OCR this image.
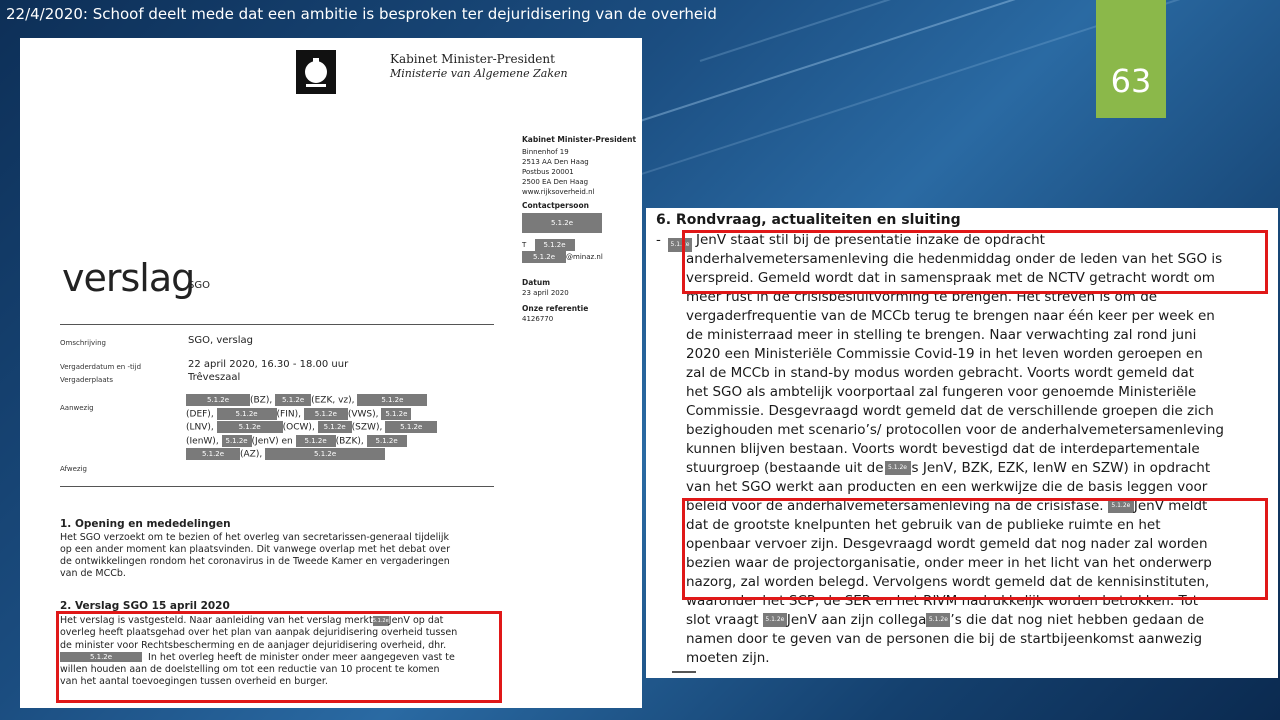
22/4/2020: Schoof deelt mede dat een ambitie is besproken ter dejuridisering van de overheid
63
Kabinet Minister-President
Ministerie van Algemene Zaken
Kabinet Minister-President
Binnenhof 19
2513 AA Den Haag
Postbus 20001
2500 EA Den Haag
www.rijksoverheid.nl
Contactpersoon
5.1.2e
T 5.1.2e
5.1.2e @minaz.nl
Datum
23 april 2020
Onze referentie
4126770
verslag
SGO
Omschrijving	SGO, verslag
Vergaderdatum en -tijd	22 april 2020, 16.30 - 18.00 uur
Vergaderplaats	Trêveszaal
Aanwezig
5.1.2e (BZ), 5.1.2e (EZK, vz),	5.1.2e
(DEF),	5.1.2e (FIN), 5.1.2e (VWS), 5.1.2e
(LNV),	5.1.2e (OCW), 5.1.2e (SZW), 5.1.2e
(IenW), 5.1.2e (JenV) en 5.1.2e (BZK), 5.1.2e
5.1.2e (AZ),	5.1.2e
Afwezig
1. Opening en mededelingen
Het SGO verzoekt om te bezien of het overleg van secretarissen-generaal tijdelijk
op een ander moment kan plaatsvinden. Dit vanwege overlap met het debat over
de ontwikkelingen rondom het coronavirus in de Tweede Kamer en vergaderingen
van de MCCb.
2. Verslag SGO 15 april 2020
Het verslag is vastgesteld. Naar aanleiding van het verslag merkt5.1.2eJenV op dat
overleg heeft plaatsgehad over het plan van aanpak dejuridisering overheid tussen
de minister voor Rechtsbescherming en de aanjager dejuridisering overheid, dhr.
5.1.2e	In het overleg heeft de minister onder meer aangegeven vast te
willen houden aan de doelstelling om tot een reductie van 10 procent te komen
van het aantal toevoegingen tussen overheid en burger.
6. Rondvraag, actualiteiten en sluiting
-	5.1.2e JenV staat stil bij de presentatie inzake de opdracht
anderhalvemetersamenleving die hedenmiddag onder de leden van het SGO is
verspreid. Gemeld wordt dat in samenspraak met de NCTV getracht wordt om
meer rust in de crisisbesluitvorming te brengen. Het streven is om de
vergaderfrequentie van de MCCb terug te brengen naar één keer per week en
de ministerraad meer in stelling te brengen. Naar verwachting zal rond juni
2020 een Ministeriële Commissie Covid-19 in het leven worden geroepen en
zal de MCCb in stand-by modus worden gebracht. Voorts wordt gemeld dat
het SGO als ambtelijk voorportaal zal fungeren voor genoemde Ministeriële
Commissie. Desgevraagd wordt gemeld dat de verschillende groepen die zich
bezighouden met scenario’s/ protocollen voor de anderhalvemetersamenleving
kunnen blijven bestaan. Voorts wordt bevestigd dat de interdepartementale
stuurgroep (bestaande uit de 5.1.2e s JenV, BZK, EZK, IenW en SZW) in opdracht
van het SGO werkt aan producten en een werkwijze die de basis leggen voor
beleid voor de anderhalvemetersamenleving na de crisisfase. 5.1.2e JenV meldt
dat de grootste knelpunten het gebruik van de publieke ruimte en het
openbaar vervoer zijn. Desgevraagd wordt gemeld dat nog nader zal worden
bezien waar de projectorganisatie, onder meer in het licht van het onderwerp
nazorg, zal worden belegd. Vervolgens wordt gemeld dat de kennisinstituten,
waaronder het SCP, de SER en het RIVM nadrukkelijk worden betrokken. Tot
slot vraagt 5.1.2e JenV aan zijn collega 5.1.2e ’s die dat nog niet hebben gedaan de
namen door te geven van de personen die bij de startbijeenkomst aanwezig
moeten zijn.
